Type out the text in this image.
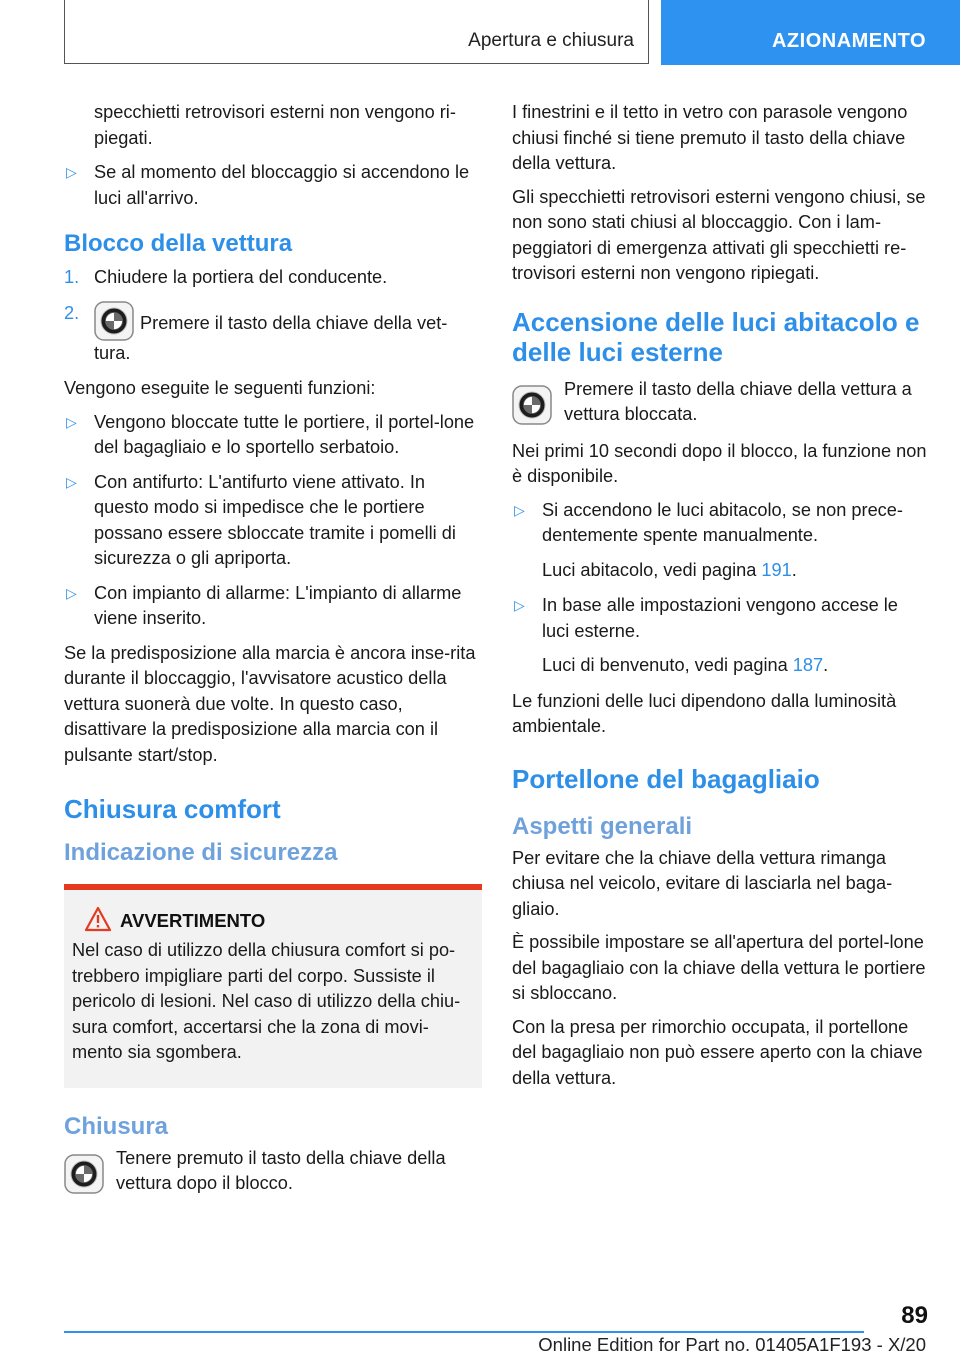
Apertura e chiusura	AZIONAMENTO
specchietti retrovisori esterni non vengono ri-piegati.
▷ Se al momento del bloccaggio si accendono le luci all'arrivo.
Blocco della vettura
1. Chiudere la portiera del conducente.
2.	Premere il tasto della chiave della vet-tura.

Vengono eseguite le seguenti funzioni:

▷ Vengono bloccate tutte le portiere, il portel-lone del bagagliaio e lo sportello serbatoio.
▷ Con antifurto: L'antifurto viene attivato. In questo modo si impedisce che le portiere possano essere sbloccate tramite i pomelli di sicurezza o gli apriporta.
▷ Con impianto di allarme: L'impianto di allarme viene inserito.

Se la predisposizione alla marcia è ancora inse-rita durante il bloccaggio, l'avvisatore acustico della vettura suonerà due volte. In questo caso, disattivare la predisposizione alla marcia con il pulsante start/stop.

Chiusura comfort
Indicazione di sicurezza
AVVERTIMENTO

Nel caso di utilizzo della chiusura comfort si po-trebbero impigliare parti del corpo. Sussiste il pericolo di lesioni. Nel caso di utilizzo della chiu-sura comfort, accertarsi che la zona di movi-mento sia sgombera.

Chiusura

Tenere premuto il tasto della chiave della vettura dopo il blocco.

I finestrini e il tetto in vetro con parasole vengono chiusi finché si tiene premuto il tasto della chiave della vettura.

Gli specchietti retrovisori esterni vengono chiusi, se non sono stati chiusi al bloccaggio. Con i lam-peggiatori di emergenza attivati gli specchietti re-trovisori esterni non vengono ripiegati.

Accensione delle luci abitacolo e delle luci esterne

Premere il tasto della chiave della vettura a vettura bloccata.

Nei primi 10 secondi dopo il blocco, la funzione non è disponibile.

▷ Si accendono le luci abitacolo, se non prece-dentemente spente manualmente.

Luci abitacolo, vedi pagina 191.

▷ In base alle impostazioni vengono accese le luci esterne.

Luci di benvenuto, vedi pagina 187.

Le funzioni delle luci dipendono dalla luminosità ambientale.

Portellone del bagagliaio
Aspetti generali

Per evitare che la chiave della vettura rimanga chiusa nel veicolo, evitare di lasciarla nel baga-gliaio.

È possibile impostare se all'apertura del portel-lone del bagagliaio con la chiave della vettura le portiere si sbloccano.

Con la presa per rimorchio occupata, il portellone del bagagliaio non può essere aperto con la chiave della vettura.

89
Online Edition for Part no. 01405A1F193 - X/20
